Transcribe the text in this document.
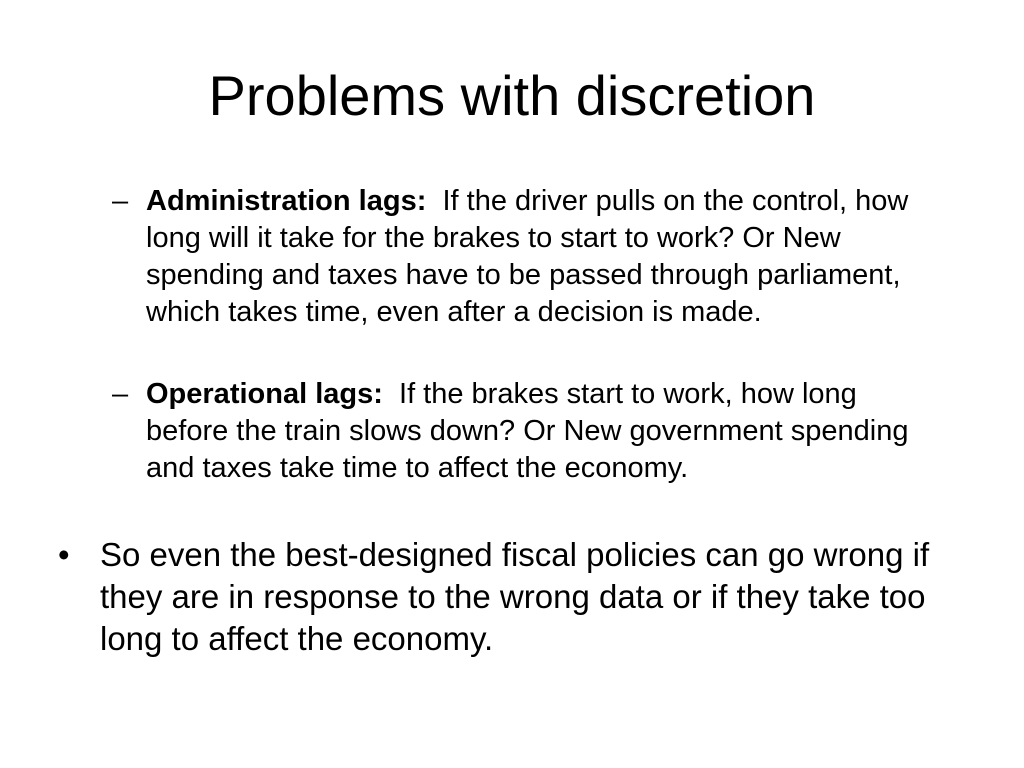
Problems with discretion
– Administration lags: If the driver pulls on the control, how long will it take for the brakes to start to work? Or New spending and taxes have to be passed through parliament, which takes time, even after a decision is made.
– Operational lags: If the brakes start to work, how long before the train slows down? Or New government spending and taxes take time to affect the economy.
• So even the best-designed fiscal policies can go wrong if they are in response to the wrong data or if they take too long to affect the economy.
